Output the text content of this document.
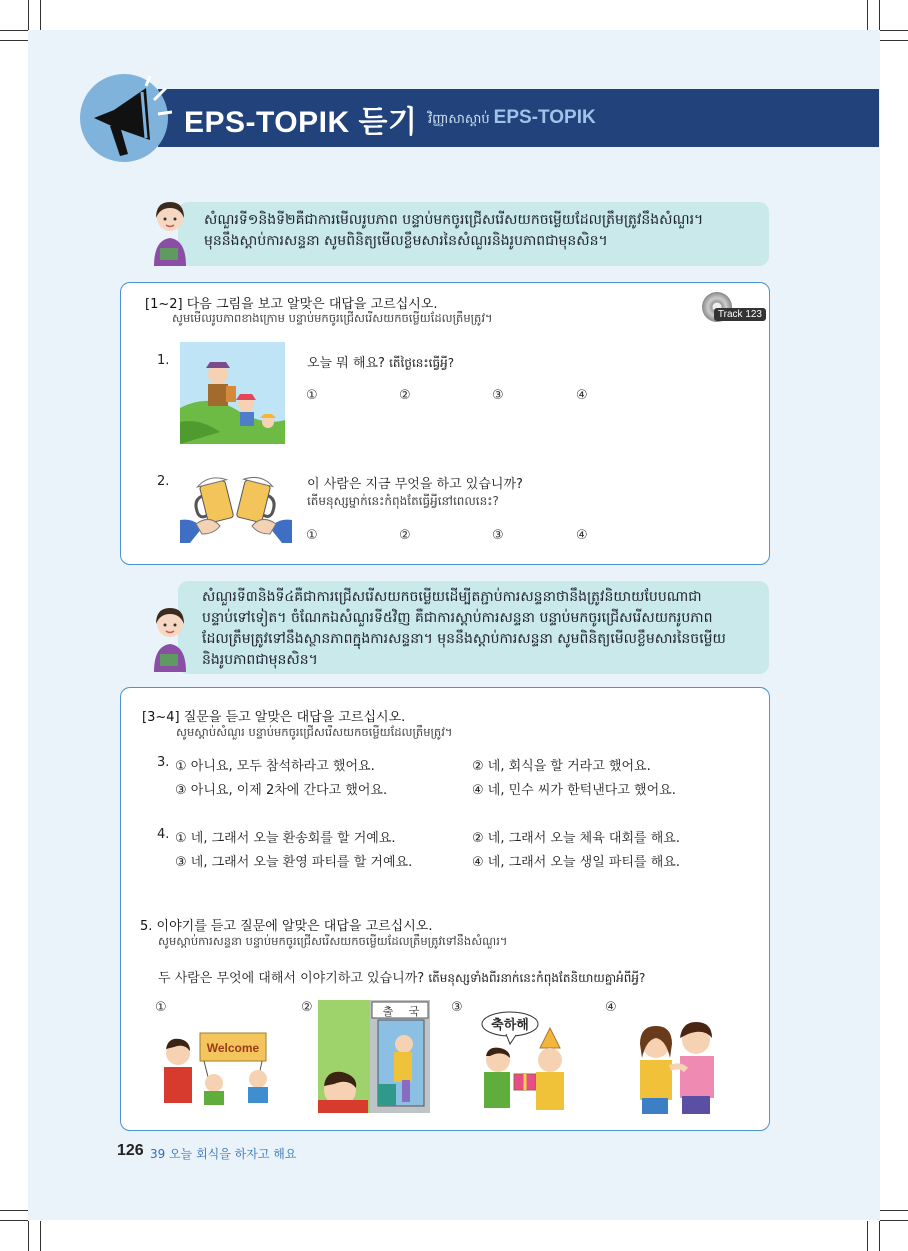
EPS-TOPIK 듣기 វិញ្ញាសាស្ដាប់ EPS-TOPIK

សំណួរទី១និងទី២គឺជាការមើលរូបភាព បន្ទាប់មកចូរជ្រើសរើសយកចម្លើយដែលត្រឹមត្រូវនឹងសំណួរ។

មុននឹងស្ដាប់ការសន្ទនា សូមពិនិត្យមើលខ្លឹមសារនៃសំណួរនិងរូបភាពជាមុនសិន។

[1~2] 다음 그림을 보고 알맞은 대답을 고르십시오.
សូមមើលរូបភាពខាងក្រោម បន្ទាប់មកចូរជ្រើសរើសយកចម្លើយដែលត្រឹមត្រូវ។	Track 123
1.	오늘 뭐 해요? តើថ្ងៃនេះធ្វើអ្វី?
①	②	③	④
2.	이 사람은 지금 무엇을 하고 있습니까?
តើមនុស្សម្នាក់នេះកំពុងតែធ្វើអ្វីនៅពេលនេះ?
①	②	③	④

សំណួរទី៣និងទី៤គឺជាការជ្រើសរើសយកចម្លើយដើម្បីតភ្ជាប់ការសន្ទនាថានឹងត្រូវនិយាយបែបណាជា

បន្ទាប់ទៅទៀត។ ចំណែកឯសំណួរទី៥វិញ គឺជាការស្ដាប់ការសន្ទនា បន្ទាប់មកចូរជ្រើសរើសយករូបភាព

ដែលត្រឹមត្រូវទៅនឹងស្ថានភាពក្នុងការសន្ទនា។ មុននឹងស្ដាប់ការសន្ទនា សូមពិនិត្យមើលខ្លឹមសារនៃចម្លើយ

និងរូបភាពជាមុនសិន។

[3~4] 질문을 듣고 알맞은 대답을 고르십시오.
សូមស្ដាប់សំណួរ បន្ទាប់មកចូរជ្រើសរើសយកចម្លើយដែលត្រឹមត្រូវ។
3. ① 아니요, 모두 참석하라고 했어요.	② 네, 회식을 할 거라고 했어요.
③ 아니요, 이제 2차에 간다고 했어요.	④ 네, 민수 씨가 한턱낸다고 했어요.
4. ① 네, 그래서 오늘 환송회를 할 거예요.	② 네, 그래서 오늘 체육 대회를 해요.
③ 네, 그래서 오늘 환영 파티를 할 거예요.	④ 네, 그래서 오늘 생일 파티를 해요.
5. 이야기를 듣고 질문에 알맞은 대답을 고르십시오.
សូមស្ដាប់ការសន្ទនា បន្ទាប់មកចូរជ្រើសរើសយកចម្លើយដែលត្រឹមត្រូវទៅនឹងសំណួរ។
두 사람은 무엇에 대해서 이야기하고 있습니까? តើមនុស្សទាំងពីរនាក់នេះកំពុងតែនិយាយគ្នាអំពីអ្វី?
①	②	③	④
Welcome
출 국
축하해
126 39 오늘 회식을 하자고 해요
